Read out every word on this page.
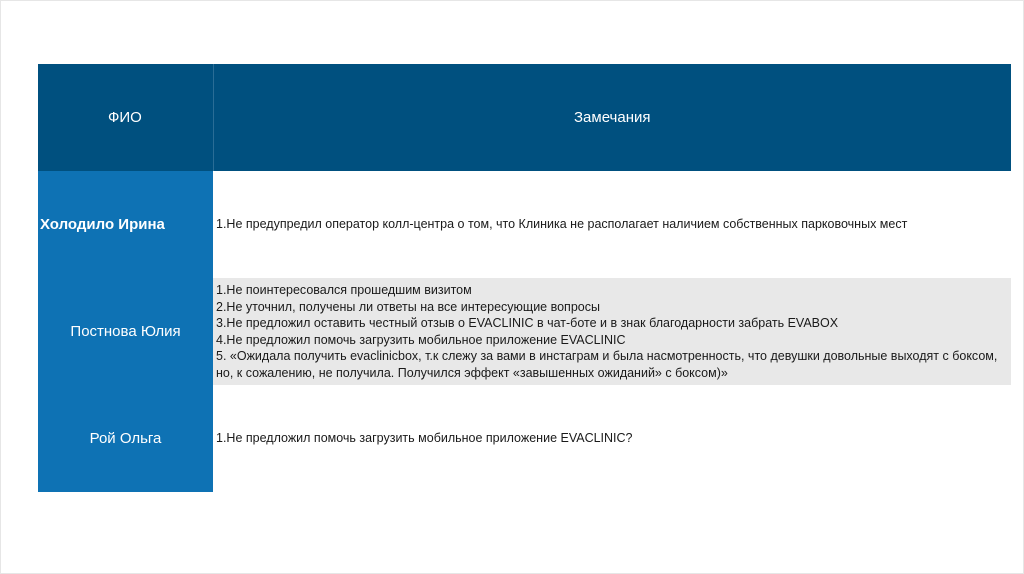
ФИО	Замечания
Холодило Ирина	1.Не предупредил оператор колл-центра о том, что Клиника не располагает наличием собственных парковочных мест
Постнова Юлия	1.Не поинтересовался прошедшим визитом
2.Не уточнил, получены ли ответы на все интересующие вопросы
3.Не предложил оставить честный отзыв о EVACLINIC в чат-боте и в знак благодарности забрать EVABOX
4.Не предложил помочь загрузить мобильное приложение EVACLINIC
5. «Ожидала получить evaclinicbox, т.к слежу за вами в инстаграм и была насмотренность, что девушки довольные выходят с боксом, но, к сожалению, не получила. Получился эффект «завышенных ожиданий» с боксом)»
Рой Ольга	1.Не предложил помочь загрузить мобильное приложение EVACLINIC?
